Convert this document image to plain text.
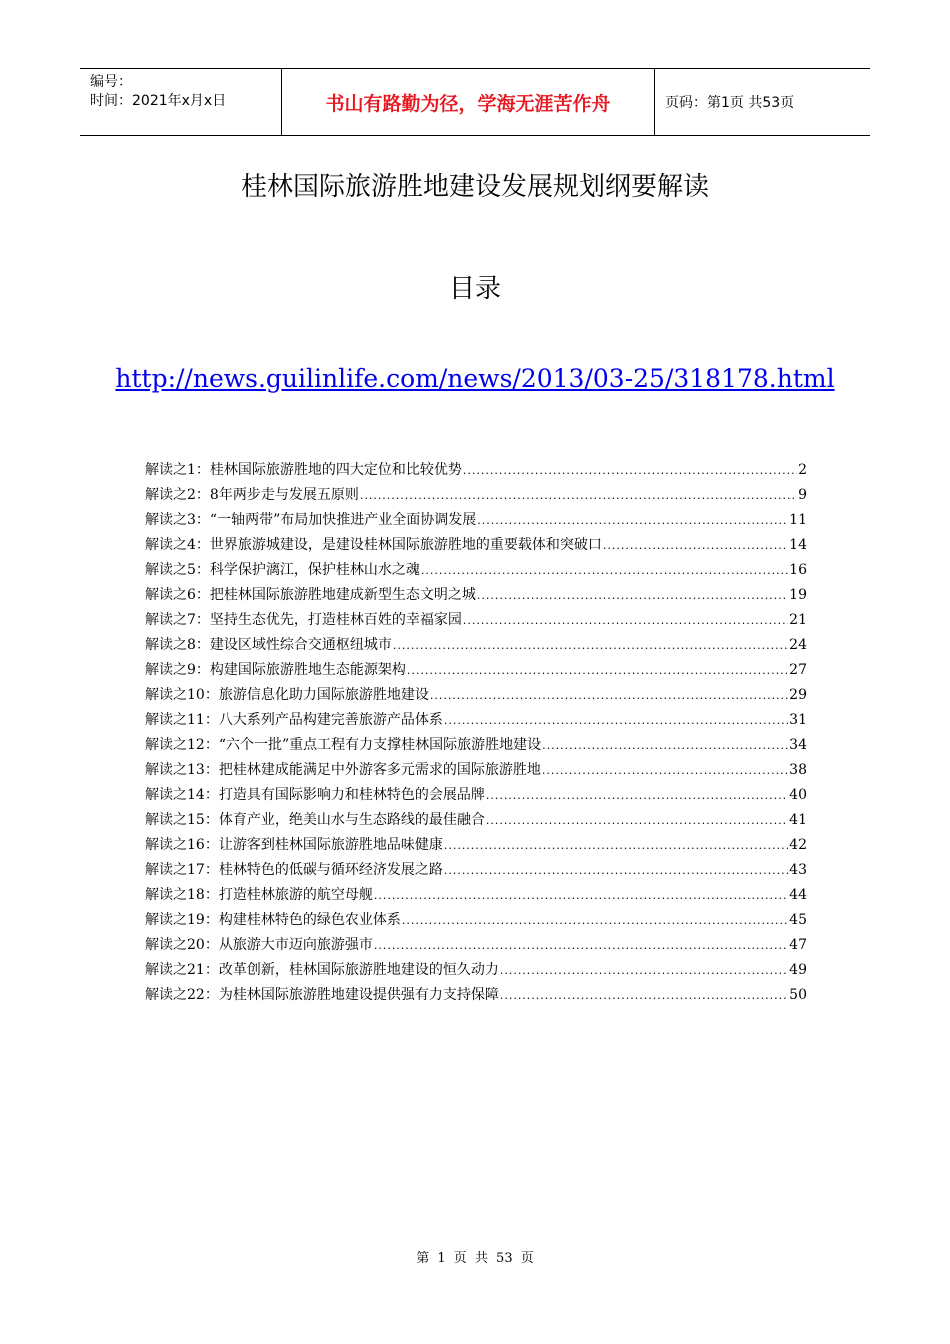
编号：
时间：2021年x月x日	书山有路勤为径，学海无涯苦作舟	页码：第1页 共53页
桂林国际旅游胜地建设发展规划纲要解读
目录
http://news.guilinlife.com/news/2013/03-25/318178.html
解读之1：桂林国际旅游胜地的四大定位和比较优势 .....	2
解读之2：8年两步走与发展五原则 .....	9
解读之3：“一轴两带”布局加快推进产业全面协调发展 .....	11
解读之4：世界旅游城建设，是建设桂林国际旅游胜地的重要载体和突破口 .....	14
解读之5：科学保护漓江，保护桂林山水之魂 .....	16
解读之6：把桂林国际旅游胜地建成新型生态文明之城 .....	19
解读之7：坚持生态优先，打造桂林百姓的幸福家园 .....	21
解读之8：建设区域性综合交通枢纽城市 .....	24
解读之9：构建国际旅游胜地生态能源架构 .....	27
解读之10：旅游信息化助力国际旅游胜地建设 .....	29
解读之11：八大系列产品构建完善旅游产品体系 .....	31
解读之12：“六个一批”重点工程有力支撑桂林国际旅游胜地建设 .....	34
解读之13：把桂林建成能满足中外游客多元需求的国际旅游胜地 .....	38
解读之14：打造具有国际影响力和桂林特色的会展品牌 .....	40
解读之15：体育产业，绝美山水与生态路线的最佳融合 .....	41
解读之16：让游客到桂林国际旅游胜地品味健康 .....	42
解读之17：桂林特色的低碳与循环经济发展之路 .....	43
解读之18：打造桂林旅游的航空母舰 .....	44
解读之19：构建桂林特色的绿色农业体系 .....	45
解读之20：从旅游大市迈向旅游强市 .....	47
解读之21：改革创新，桂林国际旅游胜地建设的恒久动力 .....	49
解读之22：为桂林国际旅游胜地建设提供强有力支持保障 .....	50
第 1 页 共 53 页
